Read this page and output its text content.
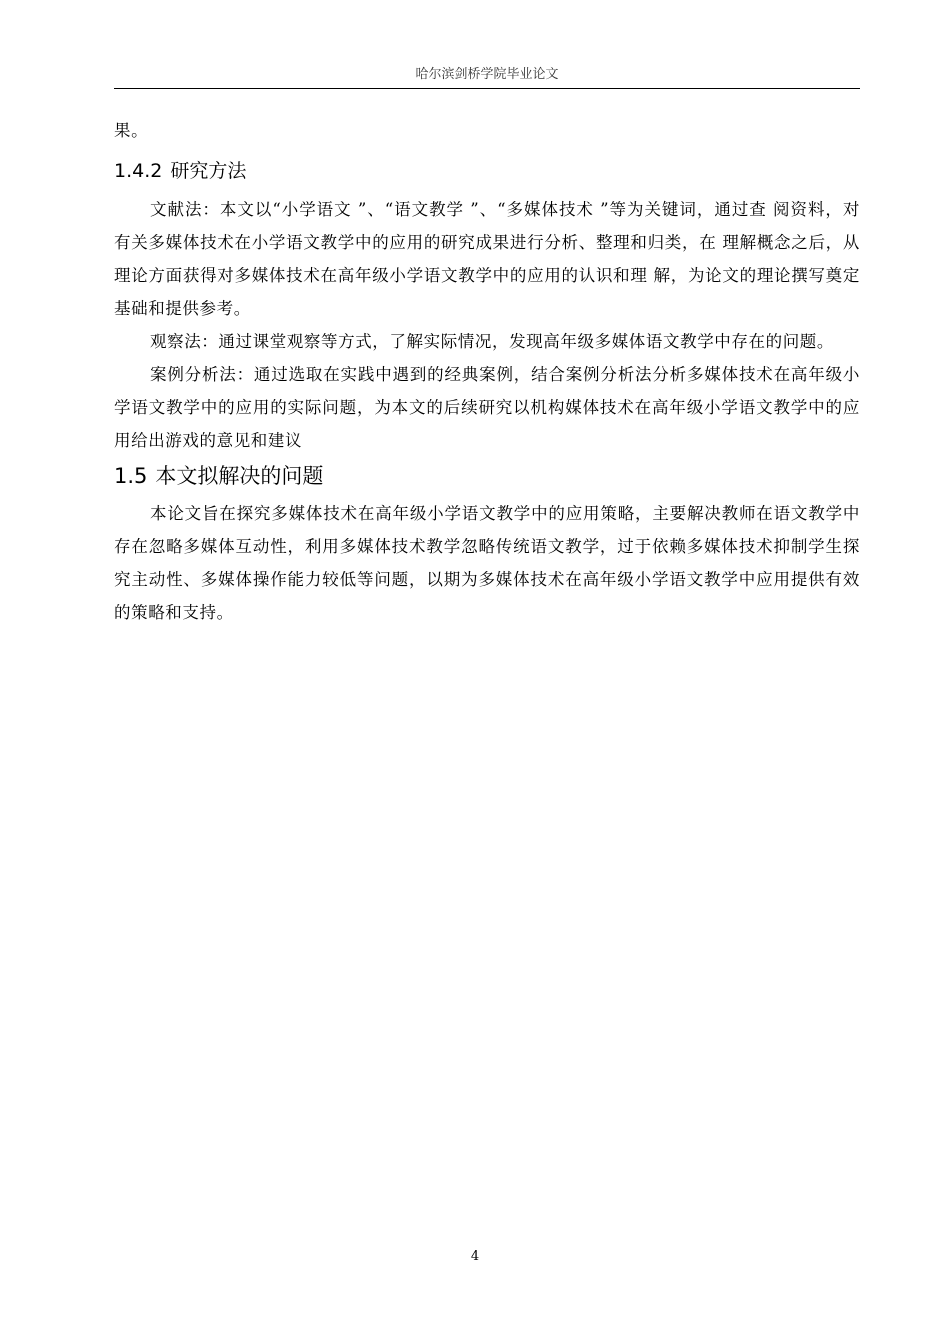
哈尔滨剑桥学院毕业论文

果。

1.4.2 研究方法

文献法：本文以“小学语文 ”、“语文教学 ”、“多媒体技术 ”等为关键词，通过查 阅资料，对有关多媒体技术在小学语文教学中的应用的研究成果进行分析、整理和归类，在 理解概念之后，从理论方面获得对多媒体技术在高年级小学语文教学中的应用的认识和理 解，为论文的理论撰写奠定基础和提供参考。

观察法：通过课堂观察等方式，了解实际情况，发现高年级多媒体语文教学中存在的问题。

案例分析法：通过选取在实践中遇到的经典案例，结合案例分析法分析多媒体技术在高年级小学语文教学中的应用的实际问题，为本文的后续研究以机构媒体技术在高年级小学语文教学中的应用给出游戏的意见和建议

1.5 本文拟解决的问题

本论文旨在探究多媒体技术在高年级小学语文教学中的应用策略，主要解决教师在语文教学中存在忽略多媒体互动性，利用多媒体技术教学忽略传统语文教学，过于依赖多媒体技术抑制学生探究主动性、多媒体操作能力较低等问题，以期为多媒体技术在高年级小学语文教学中应用提供有效的策略和支持。

4
